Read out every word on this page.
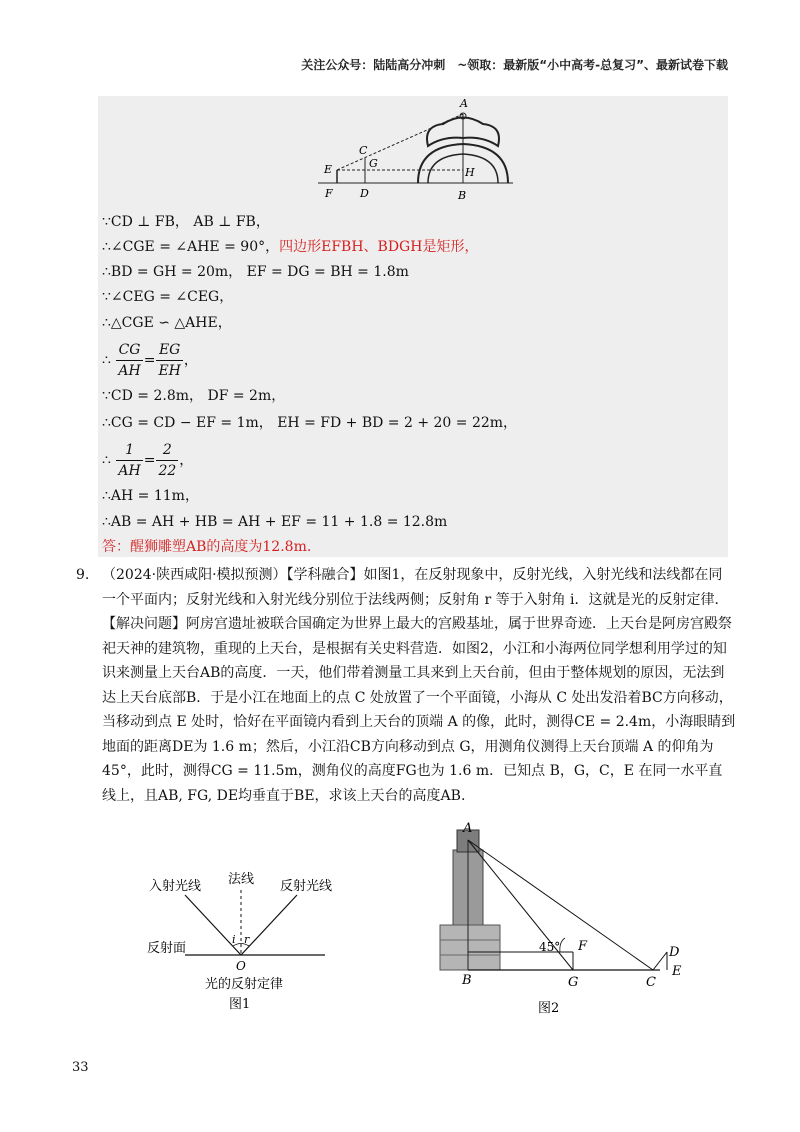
关注公众号：陆陆高分冲刺　~领取：最新版“小中高考-总复习”、最新试卷下载
A
C
G
E	H
F D	B
∵CD ⊥ FB， AB ⊥ FB，
∴∠CGE = ∠AHE = 90°，四边形EFBH、BDGH是矩形，
∴BD = GH = 20m， EF = DG = BH = 1.8m
∵∠CEG = ∠CEG，
∴△CGE ∽ △AHE，
∴ $\frac{CG}{AH} = \frac{EG}{EH}$ ，
∵CD = 2.8m， DF = 2m，
∴CG = CD − EF = 1m， EH = FD + BD = 2 + 20 = 22m，
∴ $\frac{1}{AH} = \frac{2}{22}$ ，
∴AH = 11m，
∴AB = AH + HB = AH + EF = 11 + 1.8 = 12.8m
答：醒狮雕塑AB的高度为12.8m.
9. （2024·陕西咸阳·模拟预测）【学科融合】如图1，在反射现象中，反射光线，入射光线和法线都在同一个平面内；反射光线和入射光线分别位于法线两侧；反射角 r 等于入射角 i．这就是光的反射定律．【解决问题】阿房宫遗址被联合国确定为世界上最大的宫殿基址，属于世界奇迹．上天台是阿房宫殿祭祀天神的建筑物，重现的上天台，是根据有关史料营造．如图2，小江和小海两位同学想利用学过的知识来测量上天台AB的高度．一天，他们带着测量工具来到上天台前，但由于整体规划的原因，无法到达上天台底部B．于是小江在地面上的点 C 处放置了一个平面镜，小海从 C 处出发沿着BC方向移动，当移动到点 E 处时，恰好在平面镜内看到上天台的顶端 A 的像，此时，测得CE = 2.4m，小海眼睛到地面的距离DE为 1.6 m；然后，小江沿CB方向移动到点 G，用测角仪测得上天台顶端 A 的仰角为45°，此时，测得CG = 11.5m，测角仪的高度FG也为 1.6 m．已知点 B，G，C，E 在同一水平直线上，且AB, FG, DE均垂直于BE，求该上天台的高度AB.
入射光线 法线 反射光线
反射面
i r
O
光的反射定律
图1
A
B	G	C
D
E
F
45°
图2
33
